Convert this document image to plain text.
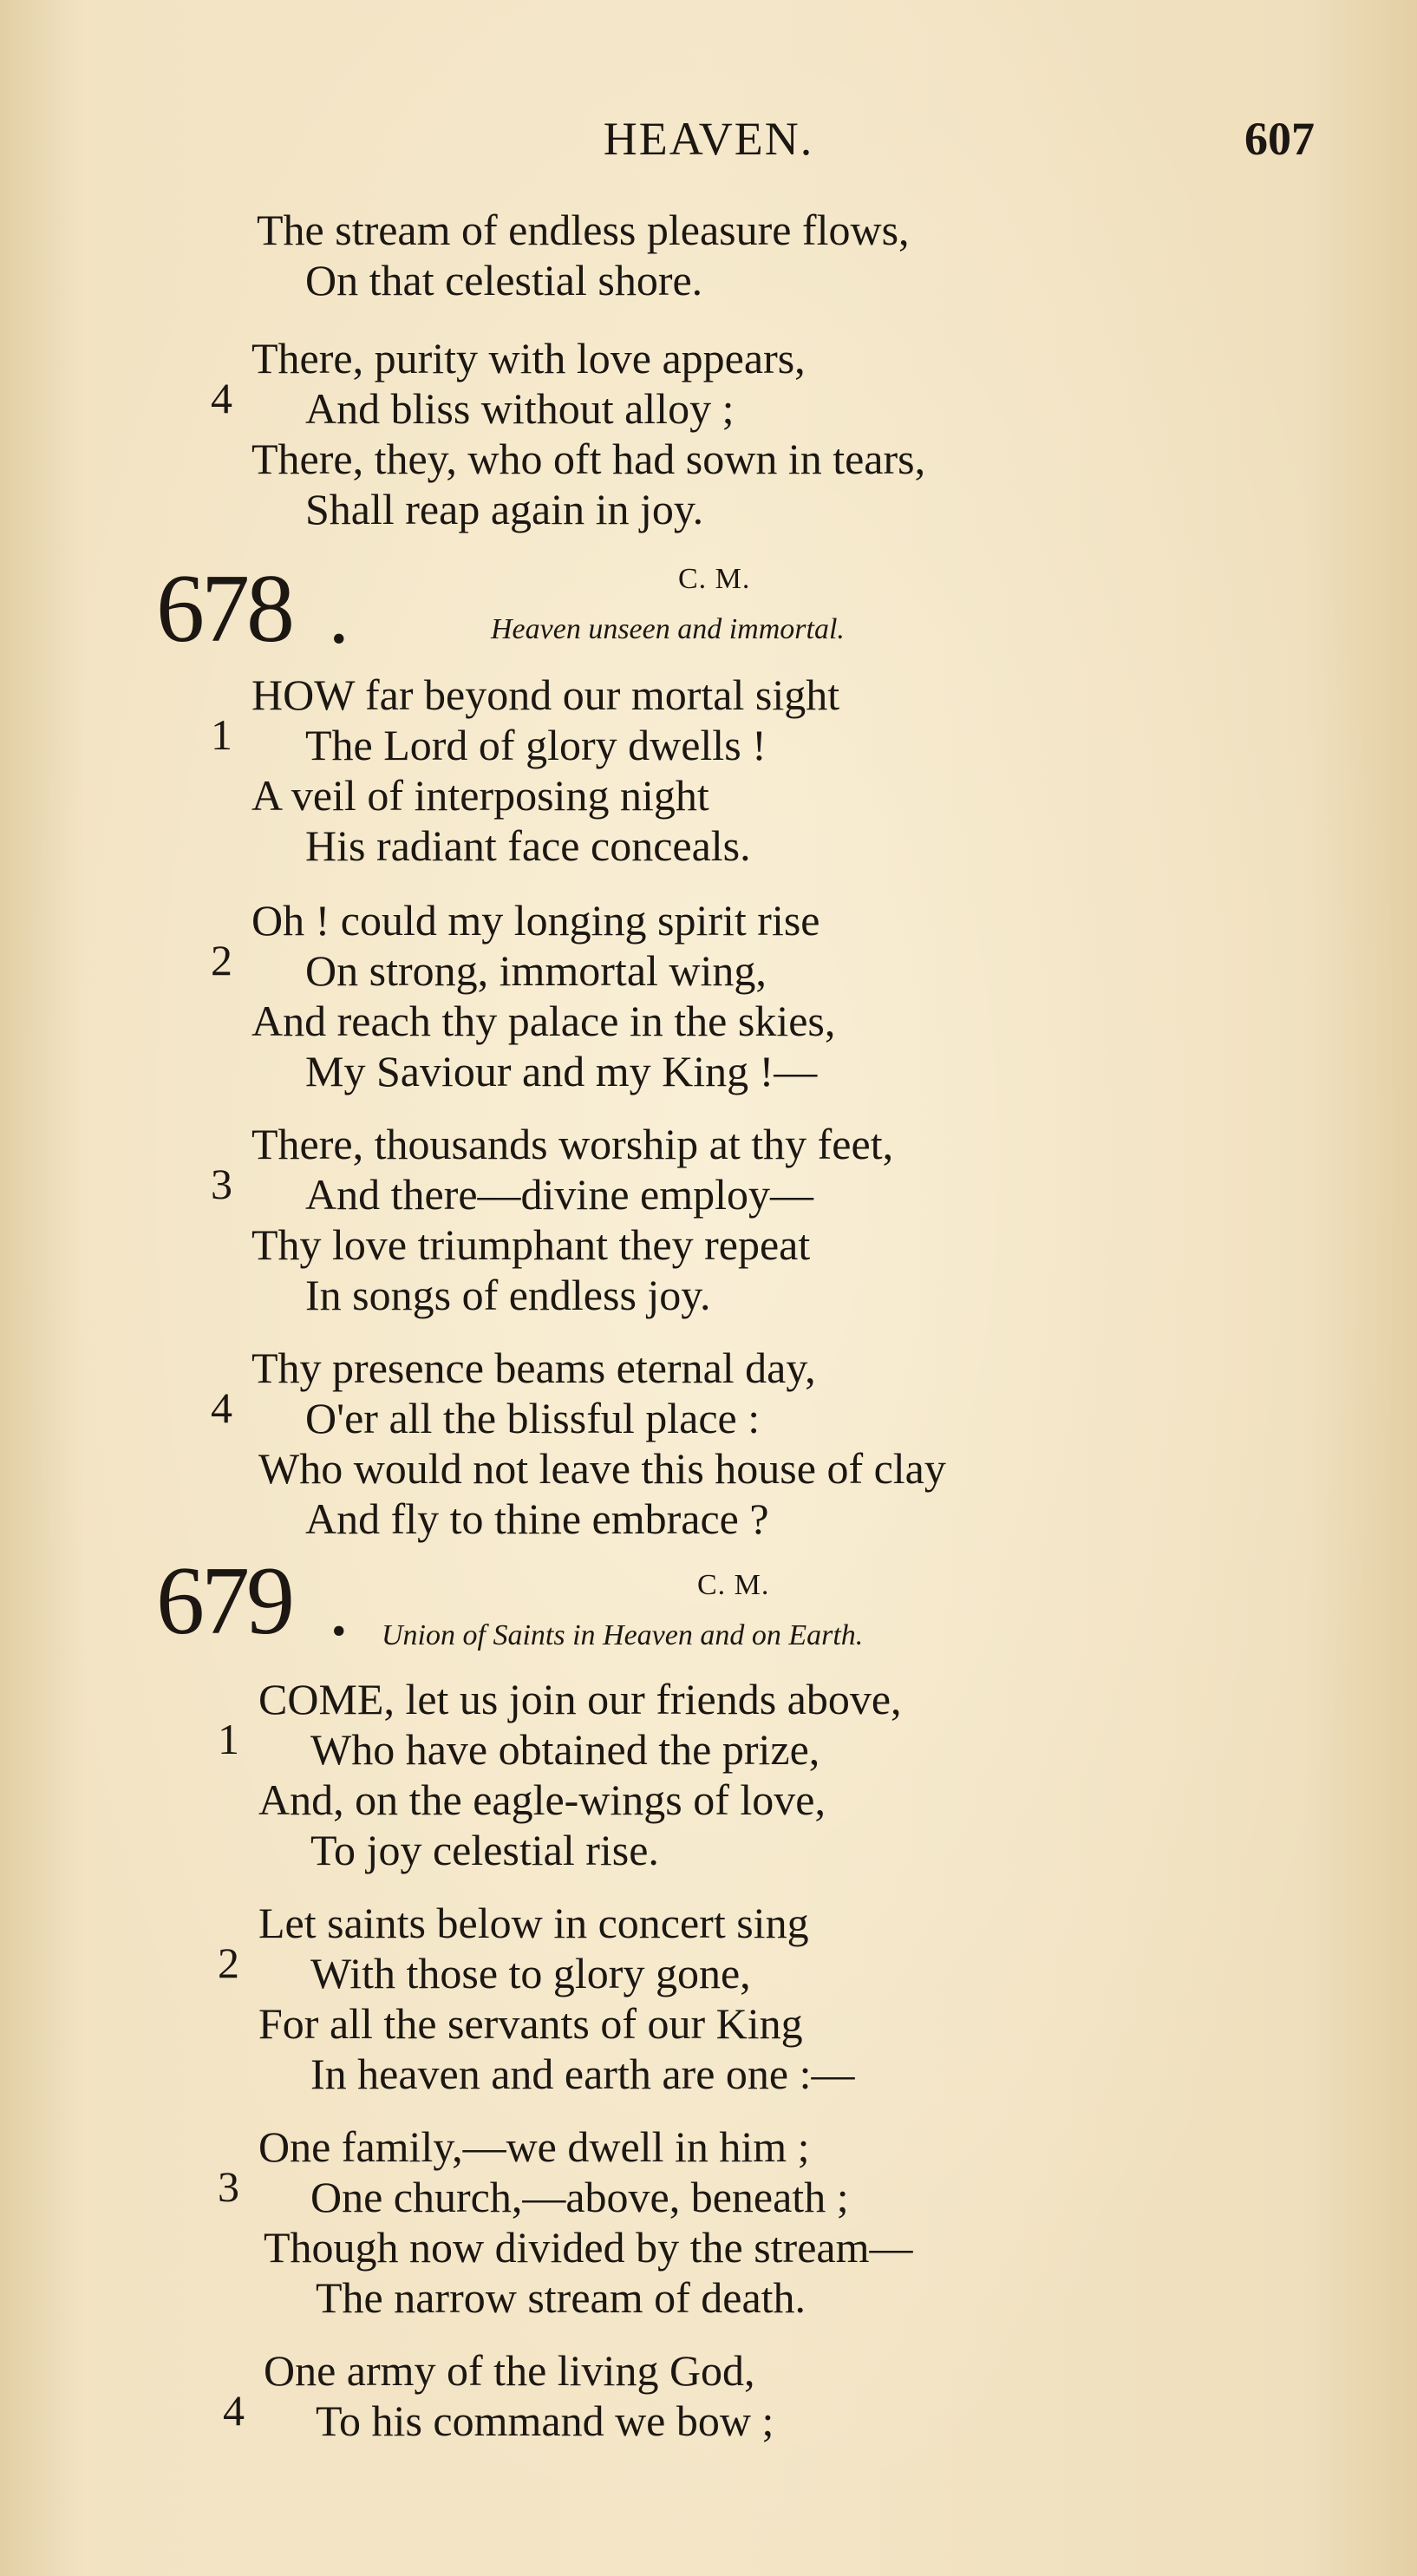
HEAVEN.	607
The stream of endless pleasure flows,
On that celestial shore.
4
There, purity with love appears,
And bliss without alloy ;
There, they, who oft had sown in tears,
Shall reap again in joy.
678 .
C. M.
Heaven unseen and immortal.
1
HOW far beyond our mortal sight
The Lord of glory dwells !
A veil of interposing night
His radiant face conceals.
2
Oh ! could my longing spirit rise
On strong, immortal wing,
And reach thy palace in the skies,
My Saviour and my King !—
3
There, thousands worship at thy feet,
And there—divine employ—
Thy love triumphant they repeat
In songs of endless joy.
4
Thy presence beams eternal day,
O'er all the blissful place :
Who would not leave this house of clay
And fly to thine embrace ?
679 .	C. M.
Union of Saints in Heaven and on Earth.
1
COME, let us join our friends above,
Who have obtained the prize,
And, on the eagle-wings of love,
To joy celestial rise.
2
Let saints below in concert sing
With those to glory gone,
For all the servants of our King
In heaven and earth are one :—
3
One family,—we dwell in him ;
One church,—above, beneath ;
Though now divided by the stream—
The narrow stream of death.
4
One army of the living God,
To his command we bow ;
